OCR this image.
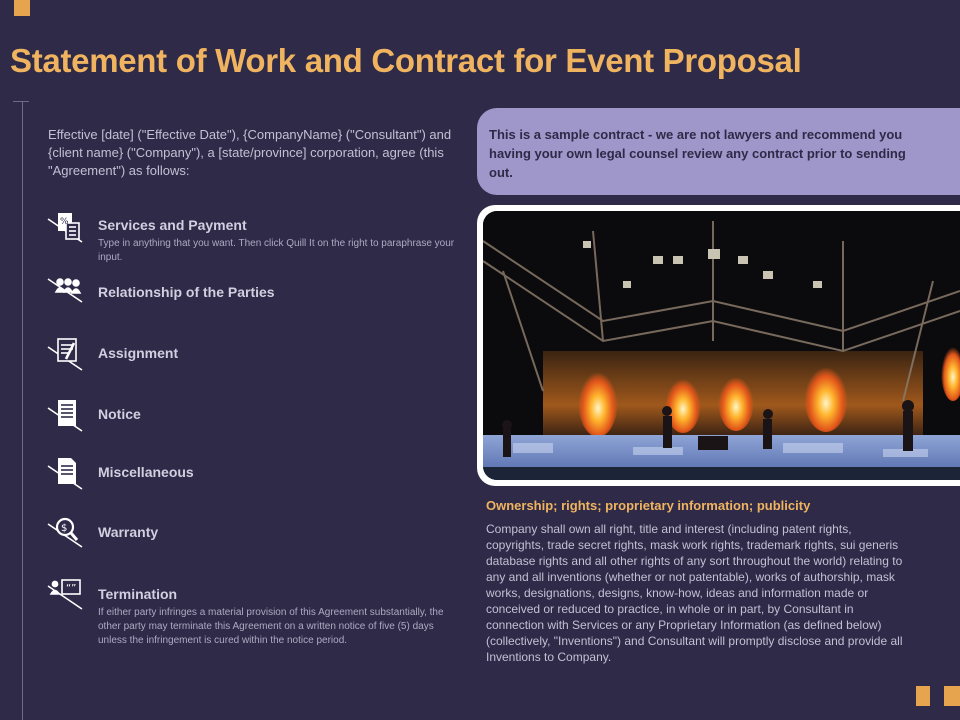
Statement of Work and Contract for Event Proposal
Effective [date] ("Effective Date"), {CompanyName} ("Consultant") and {client name} ("Company"), a [state/province] corporation, agree (this "Agreement") as follows:
% Services and Payment
Type in anything that you want. Then click Quill It on the right to paraphrase your input.
Relationship of the Parties
Assignment
Notice
Miscellaneous
$ Warranty
“” Termination
If either party infringes a material provision of this Agreement substantially, the other party may terminate this Agreement on a written notice of five (5) days unless the infringement is cured within the notice period.
This is a sample contract - we are not lawyers and recommend you having your own legal counsel review any contract prior to sending out.
Ownership; rights; proprietary information; publicity
Company shall own all right, title and interest (including patent rights, copyrights, trade secret rights, mask work rights, trademark rights, sui generis database rights and all other rights of any sort throughout the world) relating to any and all inventions (whether or not patentable), works of authorship, mask works, designations, designs, know-how, ideas and information made or conceived or reduced to practice, in whole or in part, by Consultant in connection with Services or any Proprietary Information (as defined below) (collectively, "Inventions") and Consultant will promptly disclose and provide all Inventions to Company.
